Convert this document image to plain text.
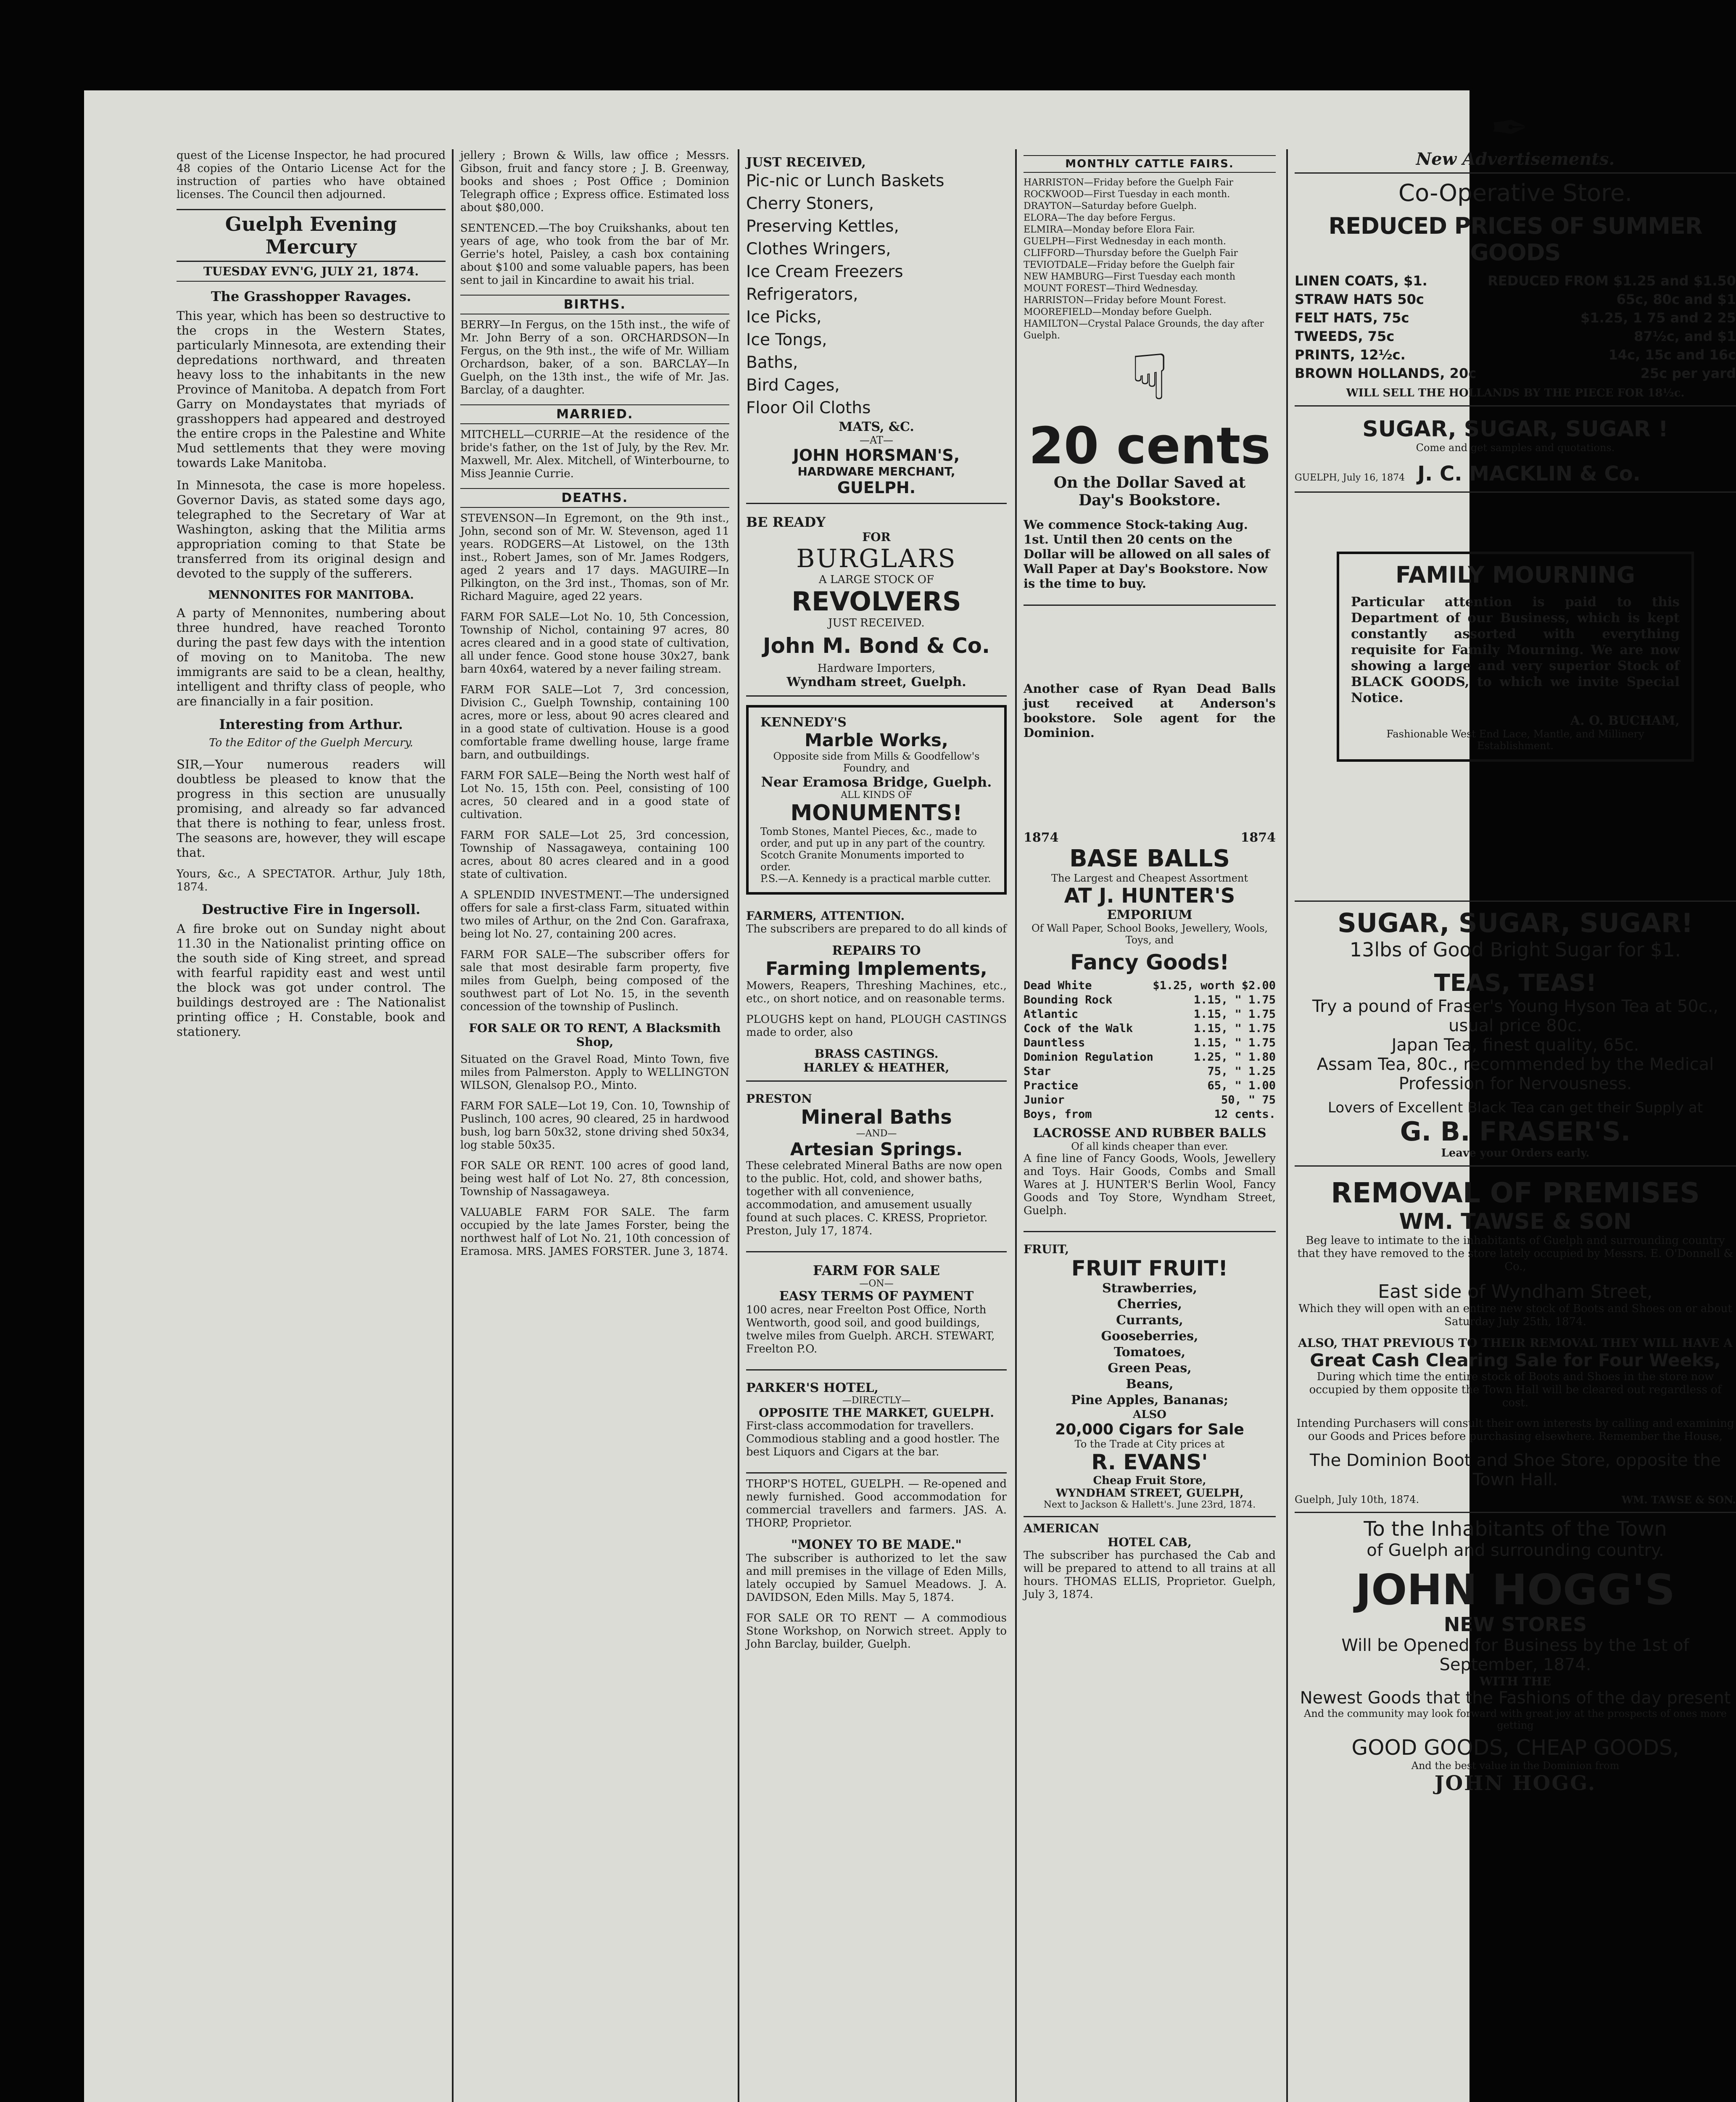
quest of the License Inspector, he had procured 48 copies of the Ontario License Act for the instruction of parties who have obtained licenses. The Council then adjourned.

Guelph Evening Mercury
TUESDAY EVN'G, JULY 21, 1874.
The Grasshopper Ravages.

This year, which has been so destructive to the crops in the Western States, particularly Minnesota, are extending their depredations northward, and threaten heavy loss to the inhabitants in the new Province of Manitoba. A depatch from Fort Garry on Mondaystates that myriads of grasshoppers had appeared and destroyed the entire crops in the Palestine and White Mud settlements that they were moving towards Lake Manitoba.

In Minnesota, the case is more hopeless. Governor Davis, as stated some days ago, telegraphed to the Secretary of War at Washington, asking that the Militia arms appropriation coming to that State be transferred from its original design and devoted to the supply of the sufferers.

MENNONITES FOR MANITOBA.

A party of Mennonites, numbering about three hundred, have reached Toronto during the past few days with the intention of moving on to Manitoba. The new immigrants are said to be a clean, healthy, intelligent and thrifty class of people, who are financially in a fair position.

Interesting from Arthur.

To the Editor of the Guelph Mercury.

SIR,—Your numerous readers will doubtless be pleased to know that the progress in this section are unusually promising, and already so far advanced that there is nothing to fear, unless frost. The seasons are, however, they will escape that.

Yours, &c., A SPECTATOR. Arthur, July 18th, 1874.

Destructive Fire in Ingersoll.

A fire broke out on Sunday night about 11.30 in the Nationalist printing office on the south side of King street, and spread with fearful rapidity east and west until the block was got under control. The buildings destroyed are : The Nationalist printing office ; H. Constable, book and stationery.

jellery ; Brown & Wills, law office ; Messrs. Gibson, fruit and fancy store ; J. B. Greenway, books and shoes ; Post Office ; Dominion Telegraph office ; Express office. Estimated loss about $80,000.

SENTENCED.—The boy Cruikshanks, about ten years of age, who took from the bar of Mr. Gerrie's hotel, Paisley, a cash box containing about $100 and some valuable papers, has been sent to jail in Kincardine to await his trial.

BIRTHS.

BERRY—In Fergus, on the 15th inst., the wife of Mr. John Berry of a son. ORCHARDSON—In Fergus, on the 9th inst., the wife of Mr. William Orchardson, baker, of a son. BARCLAY—In Guelph, on the 13th inst., the wife of Mr. Jas. Barclay, of a daughter.

MARRIED.

MITCHELL—CURRIE—At the residence of the bride's father, on the 1st of July, by the Rev. Mr. Maxwell, Mr. Alex. Mitchell, of Winterbourne, to Miss Jeannie Currie.

DEATHS.

STEVENSON—In Egremont, on the 9th inst., John, second son of Mr. W. Stevenson, aged 11 years. RODGERS—At Listowel, on the 13th inst., Robert James, son of Mr. James Rodgers, aged 2 years and 17 days. MAGUIRE—In Pilkington, on the 3rd inst., Thomas, son of Mr. Richard Maguire, aged 22 years.

FARM FOR SALE—Lot No. 10, 5th Concession, Township of Nichol, containing 97 acres, 80 acres cleared and in a good state of cultivation, all under fence. Good stone house 30x27, bank barn 40x64, watered by a never failing stream.

FARM FOR SALE—Lot 7, 3rd concession, Division C., Guelph Township, containing 100 acres, more or less, about 90 acres cleared and in a good state of cultivation. House is a good comfortable frame dwelling house, large frame barn, and outbuildings.

FARM FOR SALE—Being the North west half of Lot No. 15, 15th con. Peel, consisting of 100 acres, 50 cleared and in a good state of cultivation.

FARM FOR SALE—Lot 25, 3rd concession, Township of Nassagaweya, containing 100 acres, about 80 acres cleared and in a good state of cultivation.

A SPLENDID INVESTMENT.—The undersigned offers for sale a first-class Farm, situated within two miles of Arthur, on the 2nd Con. Garafraxa, being lot No. 27, containing 200 acres.

FARM FOR SALE—The subscriber offers for sale that most desirable farm property, five miles from Guelph, being composed of the southwest part of Lot No. 15, in the seventh concession of the township of Puslinch.

FOR SALE OR TO RENT, A Blacksmith Shop,

Situated on the Gravel Road, Minto Town, five miles from Palmerston. Apply to WELLINGTON WILSON, Glenalsop P.O., Minto.

FARM FOR SALE—Lot 19, Con. 10, Township of Puslinch, 100 acres, 90 cleared, 25 in hardwood bush, log barn 50x32, stone driving shed 50x34, log stable 50x35.

FOR SALE OR RENT. 100 acres of good land, being west half of Lot No. 27, 8th concession, Township of Nassagaweya.

VALUABLE FARM FOR SALE. The farm occupied by the late James Forster, being the northwest half of Lot No. 21, 10th concession of Eramosa. MRS. JAMES FORSTER. June 3, 1874.

JUST RECEIVED,
Pic-nic or Lunch Baskets
Cherry Stoners,
Preserving Kettles,
Clothes Wringers,
Ice Cream Freezers
Refrigerators,
Ice Picks,
Ice Tongs,
Baths,
Bird Cages,
Floor Oil Cloths
MATS, &C.
—AT—
JOHN HORSMAN'S,
HARDWARE MERCHANT,
GUELPH.
BE READY
FOR
BURGLARS
A LARGE STOCK OF
REVOLVERS
JUST RECEIVED.
John M. Bond & Co.
Hardware Importers,
Wyndham street, Guelph.
KENNEDY'S
Marble Works,
Opposite side from Mills & Goodfellow's Foundry, and
Near Eramosa Bridge, Guelph.
ALL KINDS OF
MONUMENTS!
Tomb Stones, Mantel Pieces, &c., made to order, and put up in any part of the country. Scotch Granite Monuments imported to order.
P.S.—A. Kennedy is a practical marble cutter.
FARMERS, ATTENTION.

The subscribers are prepared to do all kinds of

REPAIRS TO
Farming Implements,

Mowers, Reapers, Threshing Machines, etc., etc., on short notice, and on reasonable terms.

PLOUGHS kept on hand, PLOUGH CASTINGS made to order, also

BRASS CASTINGS.
HARLEY & HEATHER,
PRESTON
Mineral Baths
—AND—
Artesian Springs.

These celebrated Mineral Baths are now open to the public. Hot, cold, and shower baths, together with all convenience, accommodation, and amusement usually found at such places. C. KRESS, Proprietor. Preston, July 17, 1874.

FARM FOR SALE
—ON—
EASY TERMS OF PAYMENT

100 acres, near Freelton Post Office, North Wentworth, good soil, and good buildings, twelve miles from Guelph. ARCH. STEWART, Freelton P.O.

PARKER'S HOTEL,
—DIRECTLY—
OPPOSITE THE MARKET, GUELPH.

First-class accommodation for travellers. Commodious stabling and a good hostler. The best Liquors and Cigars at the bar.

THORP'S HOTEL, GUELPH. — Re-opened and newly furnished. Good accommodation for commercial travellers and farmers. JAS. A. THORP, Proprietor.

"MONEY TO BE MADE."

The subscriber is authorized to let the saw and mill premises in the village of Eden Mills, lately occupied by Samuel Meadows. J. A. DAVIDSON, Eden Mills. May 5, 1874.

FOR SALE OR TO RENT — A commodious Stone Workshop, on Norwich street. Apply to John Barclay, builder, Guelph.

MONTHLY CATTLE FAIRS.
HARRISTON—Friday before the Guelph Fair
ROCKWOOD—First Tuesday in each month.
DRAYTON—Saturday before Guelph.
ELORA—The day before Fergus.
ELMIRA—Monday before Elora Fair.
GUELPH—First Wednesday in each month.
CLIFFORD—Thursday before the Guelph Fair
TEVIOTDALE—Friday before the Guelph fair
NEW HAMBURG—First Tuesday each month
MOUNT FOREST—Third Wednesday.
HARRISTON—Friday before Mount Forest.
MOOREFIELD—Monday before Guelph.
HAMILTON—Crystal Palace Grounds, the day after Guelph.
☟
20 cents
On the Dollar Saved at
Day's Bookstore.

We commence Stock-taking Aug. 1st. Until then 20 cents on the Dollar will be allowed on all sales of Wall Paper at Day's Bookstore. Now is the time to buy.

Another case of Ryan Dead Balls just received at Anderson's bookstore. Sole agent for the Dominion.

1874	1874
BASE BALLS
The Largest and Cheapest Assortment
AT J. HUNTER'S
EMPORIUM
Of Wall Paper, School Books, Jewellery, Wools, Toys, and
Fancy Goods!
Dead White	$1.25, worth $2.00
Bounding Rock	1.15, " 1.75
Atlantic	1.15, " 1.75
Cock of the Walk	1.15, " 1.75
Dauntless	1.15, " 1.75
Dominion Regulation	1.25, " 1.80
Star	75, " 1.25
Practice	65, " 1.00
Junior	50, " 75
Boys, from	12 cents.
LACROSSE AND RUBBER BALLS
Of all kinds cheaper than ever.

A fine line of Fancy Goods, Wools, Jewellery and Toys. Hair Goods, Combs and Small Wares at J. HUNTER'S Berlin Wool, Fancy Goods and Toy Store, Wyndham Street, Guelph.

FRUIT,
FRUIT FRUIT!
Strawberries,
Cherries,
Currants,
Gooseberries,
Tomatoes,
Green Peas,
Beans,
Pine Apples, Bananas;
ALSO
20,000 Cigars for Sale
To the Trade at City prices at
R. EVANS'
Cheap Fruit Store,
WYNDHAM STREET, GUELPH,
Next to Jackson & Hallett's. June 23rd, 1874.
AMERICAN
HOTEL CAB,

The subscriber has purchased the Cab and will be prepared to attend to all trains at all hours. THOMAS ELLIS, Proprietor. Guelph, July 3, 1874.

New Advertisements.
Co-Operative Store.
REDUCED PRICES OF SUMMER GOODS
LINEN COATS, $1.	REDUCED FROM $1.25 and $1.50
STRAW HATS 50c	65c, 80c and $1
FELT HATS, 75c	$1.25, 1 75 and 2 25
TWEEDS, 75c	87½c, and $1
PRINTS, 12½c.	14c, 15c and 16c
BROWN HOLLANDS, 20c	25c per yard
WILL SELL THE HOLLANDS BY THE PIECE FOR 18½c.
SUGAR, SUGAR, SUGAR !
Come and get samples and quotations.
GUELPH, July 16, 1874 J. C. MACKLIN & Co.
FAMILY MOURNING

Particular attention is paid to this Department of our Business, which is kept constantly assorted with everything requisite for Family Mourning. We are now showing a large and very superior Stock of BLACK GOODS, to which we invite Special Notice.

A. O. BUCHAM,
Fashionable West End Lace, Mantle, and Millinery Establishment.
SUGAR, SUGAR, SUGAR!
13lbs of Good Bright Sugar for $1.
TEAS, TEAS!
Try a pound of Fraser's Young Hyson Tea at 50c., usual price 80c.
Japan Tea, finest quality, 65c.
Assam Tea, 80c., recommended by the Medical Profession for Nervousness.
Lovers of Excellent Black Tea can get their Supply at
G. B. FRASER'S.
Leave your Orders early.
REMOVAL OF PREMISES
WM. TAWSE & SON

Beg leave to intimate to the inhabitants of Guelph and surrounding country that they have removed to the store lately occupied by Messrs. E. O'Donnell & Co.,

East side of Wyndham Street,

Which they will open with an entire new stock of Boots and Shoes on or about Saturday July 25th, 1874.

ALSO, THAT PREVIOUS TO THEIR REMOVAL THEY WILL HAVE A
Great Cash Clearing Sale for Four Weeks,

During which time the entire stock of Boots and Shoes in the store now occupied by them opposite the Town Hall will be cleared out regardless of cost.

Intending Purchasers will consult their own interests by calling and examining our Goods and Prices before purchasing elsewhere. Remember the House,

The Dominion Boot and Shoe Store, opposite the Town Hall.
Guelph, July 10th, 1874.	WM. TAWSE & SON.
To the Inhabitants of the Town
of Guelph and surrounding country.
JOHN HOGG'S
NEW STORES
Will be Opened for Business by the 1st of September, 1874.
WITH THE
Newest Goods that the Fashions of the day present
And the community may look forward with great joy at the prospects of ones more getting
GOOD GOODS, CHEAP GOODS,
And the best value in the Dominion from
JOHN HOGG.
✒
